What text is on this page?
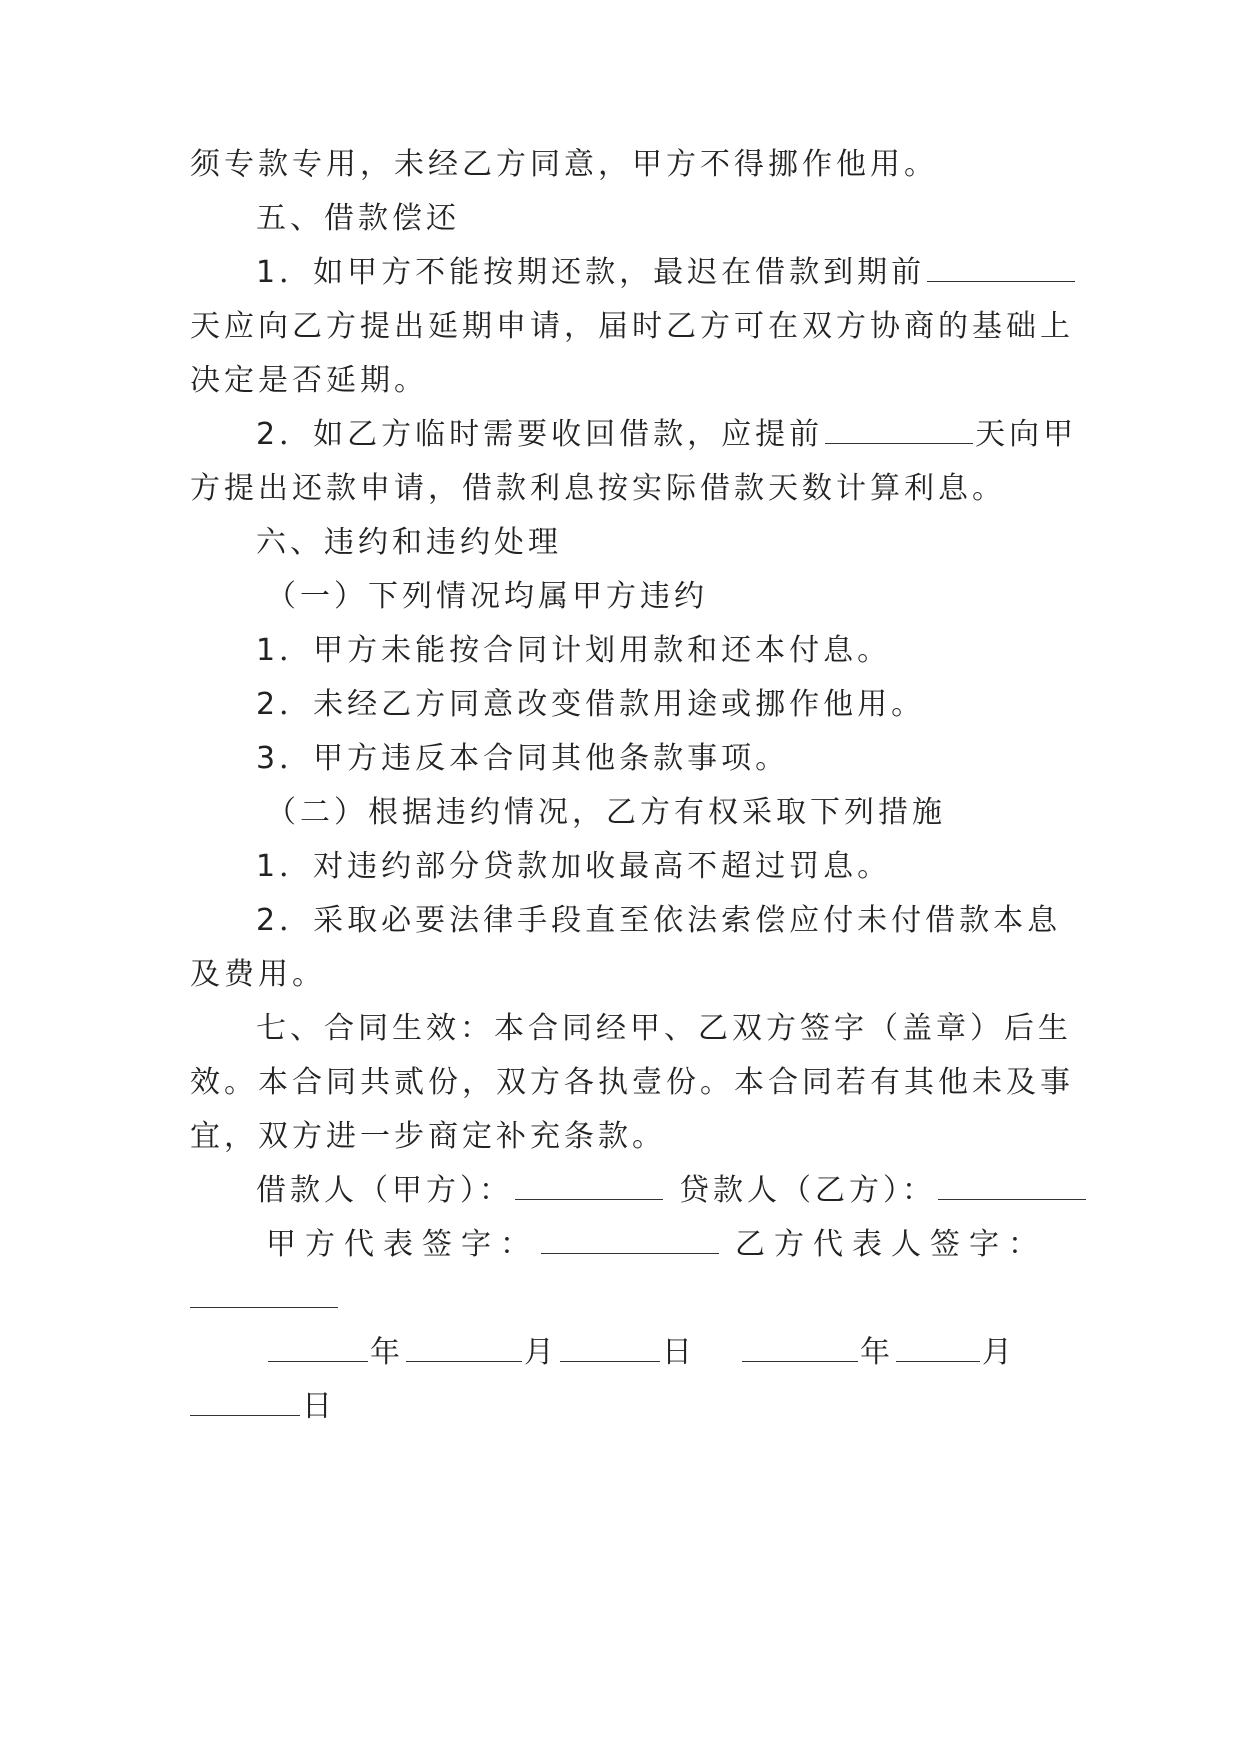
须专款专用，未经乙方同意，甲方不得挪作他用。
五、借款偿还
1．如甲方不能按期还款，最迟在借款到期前
天应向乙方提出延期申请，届时乙方可在双方协商的基础上
决定是否延期。
2．如乙方临时需要收回借款，应提前	天向甲
方提出还款申请，借款利息按实际借款天数计算利息。
六、违约和违约处理
（一）下列情况均属甲方违约
1．甲方未能按合同计划用款和还本付息。
2．未经乙方同意改变借款用途或挪作他用。
3．甲方违反本合同其他条款事项。
（二）根据违约情况，乙方有权采取下列措施
1．对违约部分贷款加收最高不超过罚息。
2．采取必要法律手段直至依法索偿应付未付借款本息
及费用。
七、合同生效：本合同经甲、乙双方签字（盖章）后生
效。本合同共贰份，双方各执壹份。本合同若有其他未及事
宜，双方进一步商定补充条款。
借款人（甲方）：	贷款人（乙方）：
甲方代表签字：	乙方代表人签字：
年	月	日	年	月
日
